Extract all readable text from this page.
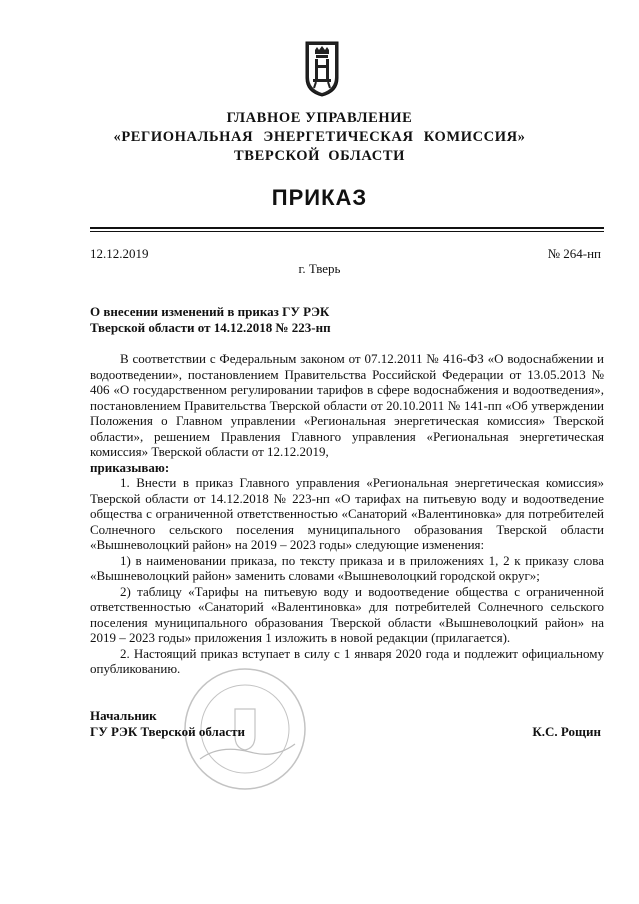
ГЛАВНОЕ УПРАВЛЕНИЕ
«РЕГИОНАЛЬНАЯ ЭНЕРГЕТИЧЕСКАЯ КОМИССИЯ»
ТВЕРСКОЙ ОБЛАСТИ
ПРИКАЗ
12.12.2019	№ 264-нп
г. Тверь
О внесении изменений в приказ ГУ РЭК
Тверской области от 14.12.2018 № 223-нп

В соответствии с Федеральным законом от 07.12.2011 № 416-ФЗ «О водоснабжении и водоотведении», постановлением Правительства Российской Федерации от 13.05.2013 № 406 «О государственном регулировании тарифов в сфере водоснабжения и водоотведения», постановлением Правительства Тверской области от 20.10.2011 № 141-пп «Об утверждении Положения о Главном управлении «Региональная энергетическая комиссия» Тверской области», решением Правления Главного управления «Региональная энергетическая комиссия» Тверской области от 12.12.2019,

приказываю:

1. Внести в приказ Главного управления «Региональная энергетическая комиссия» Тверской области от 14.12.2018 № 223-нп «О тарифах на питьевую воду и водоотведение общества с ограниченной ответственностью «Санаторий «Валентиновка» для потребителей Солнечного сельского поселения муниципального образования Тверской области «Вышневолоцкий район» на 2019 – 2023 годы» следующие изменения:

1) в наименовании приказа, по тексту приказа и в приложениях 1, 2 к приказу слова «Вышневолоцкий район» заменить словами «Вышневолоцкий городской округ»;

2) таблицу «Тарифы на питьевую воду и водоотведение общества с ограниченной ответственностью «Санаторий «Валентиновка» для потребителей Солнечного сельского поселения муниципального образования Тверской области «Вышневолоцкий район» на 2019 – 2023 годы» приложения 1 изложить в новой редакции (прилагается).

2. Настоящий приказ вступает в силу с 1 января 2020 года и подлежит официальному опубликованию.

Начальник
ГУ РЭК Тверской области	К.С. Рощин
